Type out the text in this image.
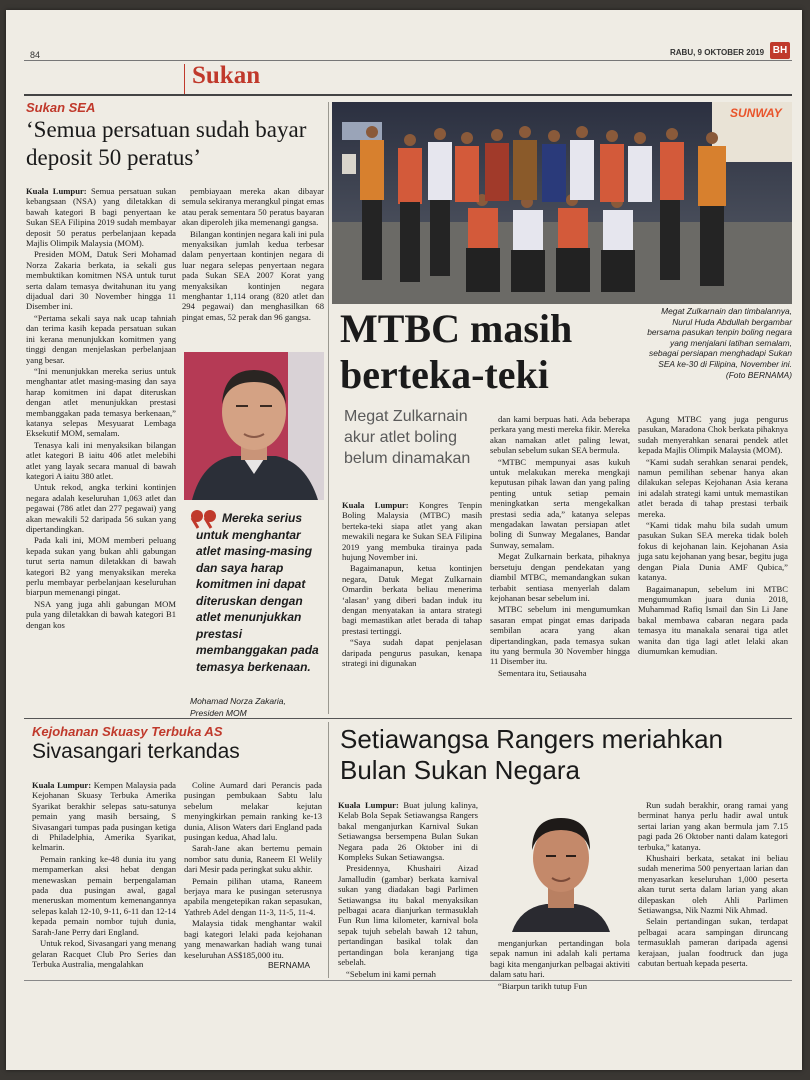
84	RABU, 9 OKTOBER 2019 BH
Sukan
Sukan SEA
‘Semua persatuan sudah bayar deposit 50 peratus’

Kuala Lumpur: Semua persatuan sukan kebangsaan (NSA) yang diletakkan di bawah kategori B bagi penyertaan ke Sukan SEA Filipina 2019 sudah membayar deposit 50 peratus perbelanjaan kepada Majlis Olimpik Malaysia (MOM).

Presiden MOM, Datuk Seri Mohamad Norza Zakaria berkata, ia sekali gus membuktikan komitmen NSA untuk turut serta dalam temasya dwitahunan itu yang dijadual dari 30 November hingga 11 Disember ini.

“Pertama sekali saya nak ucap tahniah dan terima kasih kepada persatuan sukan ini kerana menunjukkan komitmen yang tinggi dengan menjelaskan perbelanjaan yang besar.

“Ini menunjukkan mereka serius untuk menghantar atlet masing-masing dan saya harap komitmen ini dapat diteruskan dengan atlet menunjukkan prestasi membanggakan pada temasya berkenaan,” katanya selepas Mesyuarat Lembaga Eksekutif MOM, semalam.

Tenasya kali ini menyaksikan bilangan atlet kategori B iaitu 406 atlet melebihi atlet yang layak secara manual di bawah kategori A iaitu 380 atlet.

Untuk rekod, angka terkini kontinjen negara adalah keseluruhan 1,063 atlet dan pegawai (786 atlet dan 277 pegawai) yang akan mewakili 52 daripada 56 sukan yang dipertandingkan.

Pada kali ini, MOM memberi peluang kepada sukan yang bukan ahli gabungan turut serta namun diletakkan di bawah kategori B2 yang menyaksikan mereka perlu membayar perbelanjaan keseluruhan biarpun memenangi pingat.

NSA yang juga ahli gabungan MOM pula yang diletakkan di bawah kategori B1 dengan kos

pembiayaan mereka akan dibayar semula sekiranya merangkul pingat emas atau perak sementara 50 peratus bayaran akan diperoleh jika memenangi gangsa.

Bilangan kontinjen negara kali ini pula menyaksikan jumlah kedua terbesar dalam penyertaan kontinjen negara di luar negara selepas penyertaan negara pada Sukan SEA 2007 Korat yang menyaksikan kontinjen negara menghantar 1,114 orang (820 atlet dan 294 pegawai) dan menghasilkan 68 pingat emas, 52 perak dan 96 gangsa.

Mereka serius untuk menghantar atlet masing-masing dan saya harap komitmen ini dapat diteruskan dengan atlet menunjukkan prestasi membanggakan pada temasya berkenaan.
Mohamad Norza Zakaria,
Presiden MOM
SUNWAY
Megat Zulkarnain dan timbalannya, Nurul Huda Abdullah bergambar bersama pasukan tenpin boling negara yang menjalani latihan semalam, sebagai persiapan menghadapi Sukan SEA ke-30 di Filipina, November ini. (Foto BERNAMA)
MTBC masih berteka-teki
Megat Zulkarnain akur atlet boling belum dinamakan

Kuala Lumpur: Kongres Tenpin Boling Malaysia (MTBC) masih berteka-teki siapa atlet yang akan mewakili negara ke Sukan SEA Filipina 2019 yang membuka tirainya pada hujung November ini.

Bagaimanapun, ketua kontinjen negara, Datuk Megat Zulkarnain Omardin berkata beliau menerima ‘alasan’ yang diberi badan induk itu dengan menyatakan ia antara strategi bagi memastikan atlet berada di tahap prestasi tertinggi.

“Saya sudah dapat penjelasan daripada pengurus pasukan, kenapa strategi ini digunakan

dan kami berpuas hati. Ada beberapa perkara yang mesti mereka fikir. Mereka akan namakan atlet paling lewat, sebulan sebelum sukan SEA bermula.

“MTBC mempunyai asas kukuh untuk melakukan mereka mengkaji keputusan pihak lawan dan yang paling penting untuk setiap pemain meningkatkan serta mengekalkan prestasi sedia ada,” katanya selepas mengadakan lawatan persiapan atlet boling di Sunway Megalanes, Bandar Sunway, semalam.

Megat Zulkarnain berkata, pihaknya bersetuju dengan pendekatan yang diambil MTBC, memandangkan sukan terbabit sentiasa menyerlah dalam kejohanan besar sebelum ini.

MTBC sebelum ini mengumumkan sasaran empat pingat emas daripada sembilan acara yang akan dipertandingkan, pada temasya sukan itu yang bermula 30 November hingga 11 Disember itu.

Sementara itu, Setiausaha

Agung MTBC yang juga pengurus pasukan, Maradona Chok berkata pihaknya sudah menyerahkan senarai pendek atlet kepada Majlis Olimpik Malaysia (MOM).

“Kami sudah serahkan senarai pendek, namun pemilihan sebenar hanya akan dilakukan selepas Kejohanan Asia kerana ini adalah strategi kami untuk memastikan atlet berada di tahap prestasi terbaik mereka.

“Kami tidak mahu bila sudah umum pasukan Sukan SEA mereka tidak boleh fokus di kejohanan lain. Kejohanan Asia juga satu kejohanan yang besar, begitu juga dengan Piala Dunia AMF Qubica,” katanya.

Bagaimanapun, sebelum ini MTBC mengumumkan juara dunia 2018, Muhammad Rafiq Ismail dan Sin Li Jane bakal membawa cabaran negara pada temasya itu manakala senarai tiga atlet wanita dan tiga lagi atlet lelaki akan diumumkan kemudian.

Kejohanan Skuasy Terbuka AS
Sivasangari terkandas

Kuala Lumpur: Kempen Malaysia pada Kejohanan Skuasy Terbuka Amerika Syarikat berakhir selepas satu-satunya pemain yang masih bersaing, S Sivasangari tumpas pada pusingan ketiga di Philadelphia, Amerika Syarikat, kelmarin.

Pemain ranking ke-48 dunia itu yang mempamerkan aksi hebat dengan menewaskan pemain berpengalaman pada dua pusingan awal, gagal meneruskan momentum kemenangannya selepas kalah 12-10, 9-11, 6-11 dan 12-14 kepada pemain nombor tujuh dunia, Sarah-Jane Perry dari England.

Untuk rekod, Sivasangari yang menang gelaran Racquet Club Pro Series dan Terbuka Australia, mengalahkan

Coline Aumard dari Perancis pada pusingan pembukaan Sabtu lalu sebelum melakar kejutan menyingkirkan pemain ranking ke-13 dunia, Alison Waters dari England pada pusingan kedua, Ahad lalu.

Sarah-Jane akan bertemu pemain nombor satu dunia, Raneem El Welily dari Mesir pada peringkat suku akhir.

Pemain pilihan utama, Raneem berjaya mara ke pusingan seterusnya apabila mengetepikan rakan sepasukan, Yathreb Adel dengan 11-3, 11-5, 11-4.

Malaysia tidak menghantar wakil bagi kategori lelaki pada kejohanan yang menawarkan hadiah wang tunai keseluruhan AS$185,000 itu.

BERNAMA
Setiawangsa Rangers meriahkan Bulan Sukan Negara

Kuala Lumpur: Buat julung kalinya, Kelab Bola Sepak Setiawangsa Rangers bakal menganjurkan Karnival Sukan Setiawangsa bersempena Bulan Sukan Negara pada 26 Oktober ini di Kompleks Sukan Setiawangsa.

Presidennya, Khushairi Aizad Jamalludin (gambar) berkata karnival sukan yang diadakan bagi Parlimen Setiawangsa itu bakal menyaksikan pelbagai acara dianjurkan termasuklah Fun Run lima kilometer, karnival bola sepak tujuh sebelah bawah 12 tahun, pertandingan basikal tolak dan pertandingan bola keranjang tiga sebelah.

“Sebelum ini kami pernah

menganjurkan pertandingan bola sepak namun ini adalah kali pertama bagi kita menganjurkan pelbagai aktiviti dalam satu hari.

“Biarpun tarikh tutup Fun

Run sudah berakhir, orang ramai yang berminat hanya perlu hadir awal untuk sertai larian yang akan bermula jam 7.15 pagi pada 26 Oktober nanti dalam kategori terbuka,” katanya.

Khushairi berkata, setakat ini beliau sudah menerima 500 penyertaan larian dan menyasarkan keseluruhan 1,000 peserta akan turut serta dalam larian yang akan dilepaskan oleh Ahli Parlimen Setiawangsa, Nik Nazmi Nik Ahmad.

Selain pertandingan sukan, terdapat pelbagai acara sampingan diruncang termasuklah pameran daripada agensi kerajaan, jualan foodtruck dan juga cabutan bertuah kepada peserta.
